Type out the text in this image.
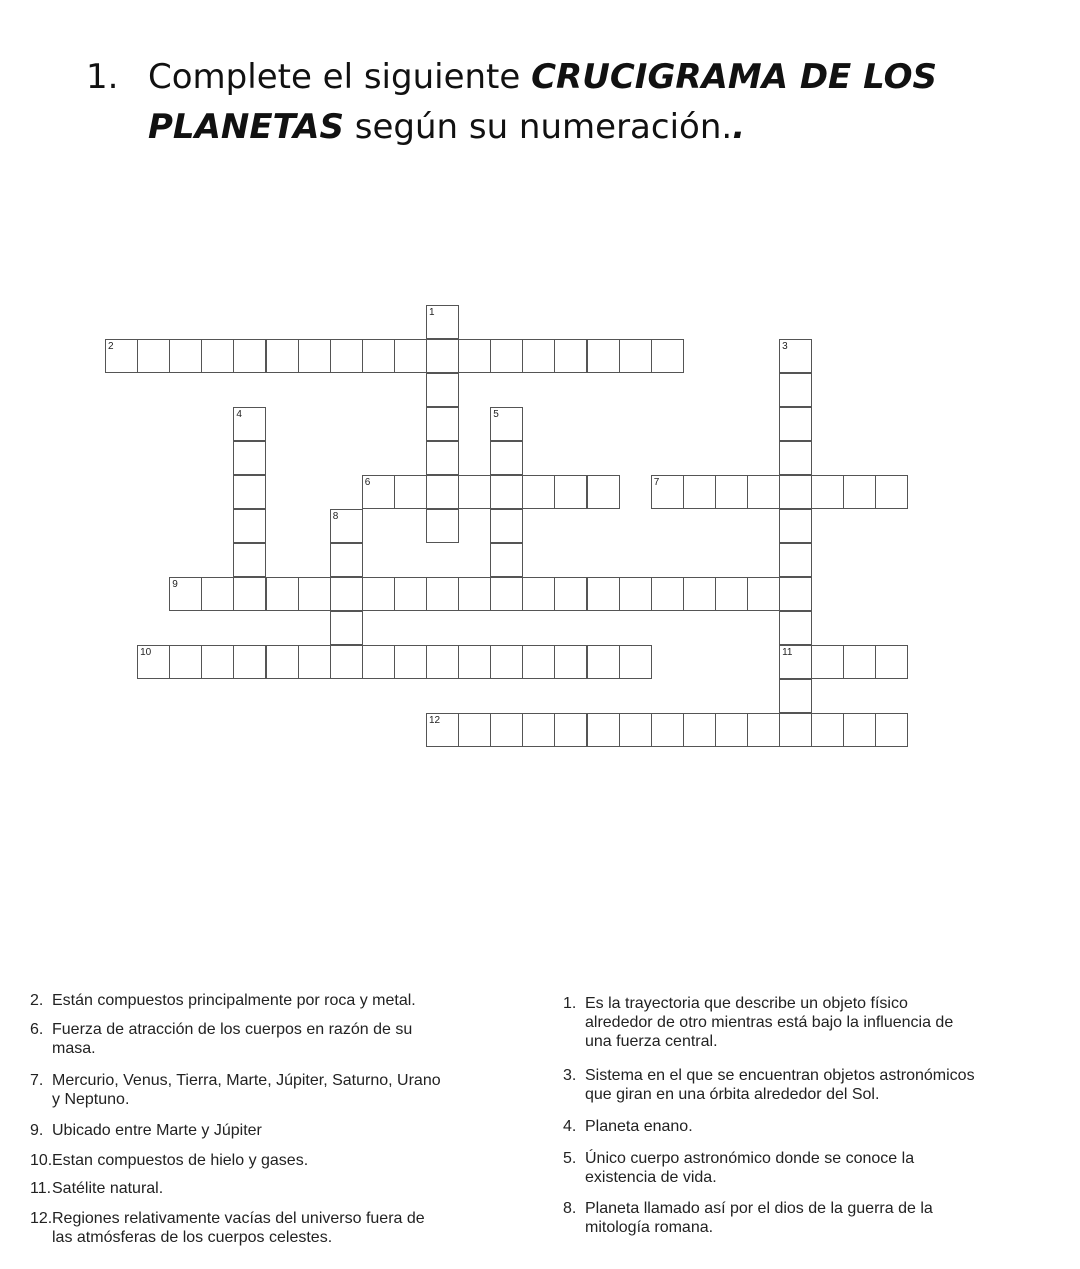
1. Complete el siguiente CRUCIGRAMA DE LOS
PLANETAS según su numeración..
2
1
3
4	5
6	7
8
9
10	11
12
2. Están compuestos principalmente por roca y metal.
6. Fuerza de atracción de los cuerpos en razón de su
masa.
7. Mercurio, Venus, Tierra, Marte, Júpiter, Saturno, Urano
y Neptuno.
9. Ubicado entre Marte y Júpiter
10. Estan compuestos de hielo y gases.
11. Satélite natural.
12. Regiones relativamente vacías del universo fuera de
las atmósferas de los cuerpos celestes.
1. Es la trayectoria que describe un objeto físico
alrededor de otro mientras está bajo la influencia de
una fuerza central.
3. Sistema en el que se encuentran objetos astronómicos
que giran en una órbita alrededor del Sol.
4. Planeta enano.
5. Único cuerpo astronómico donde se conoce la
existencia de vida.
8. Planeta llamado así por el dios de la guerra de la
mitología romana.
